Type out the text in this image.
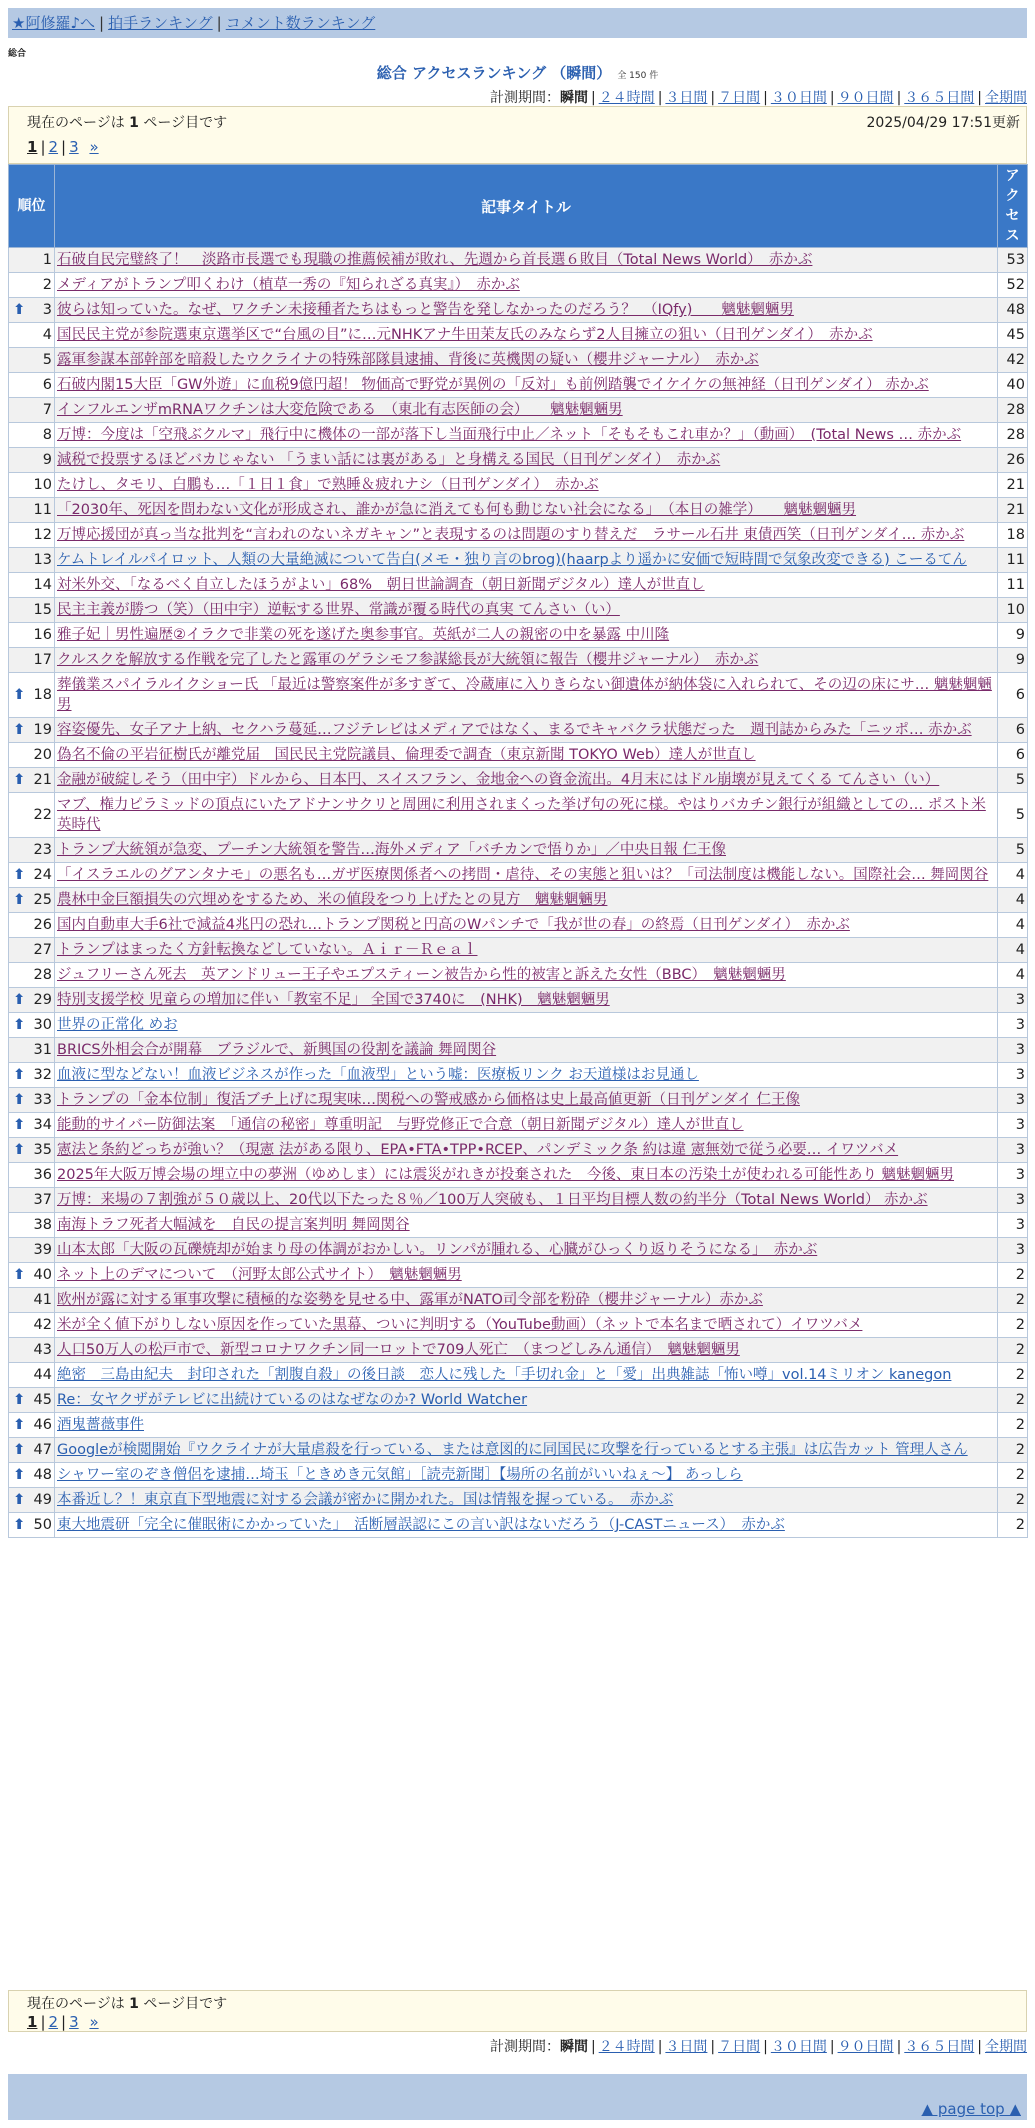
★阿修羅♪へ | 拍手ランキング | コメント数ランキング
総合
総合 アクセスランキング （瞬間） 全 150 件
計測期間：瞬間 | ２４時間 | ３日間 | ７日間 | ３０日間 | ９０日間 | ３６５日間 | 全期間
現在のページは 1 ページ目です	2025/04/29 17:51更新
1 | 2 | 3 »
順位	記事タイトル	アクセス
1	石破自民完璧終了！　淡路市長選でも現職の推薦候補が敗れ、先週から首長選６敗目（Total News World）　赤かぶ	53
2	メディアがトランプ叩くわけ（植草一秀の『知られざる真実』）　赤かぶ	52

⬆ 3	彼らは知っていた。なぜ、ワクチン未接種者たちはもっと警告を発しなかったのだろう？　（IQfy)　　魑魅魍魎男	48
4	国民民主党が参院選東京選挙区で“台風の目”に…元NHKアナ牛田茉友氏のみならず2人目擁立の狙い（日刊ゲンダイ）　赤かぶ	45
5	露軍参謀本部幹部を暗殺したウクライナの特殊部隊員逮捕、背後に英機関の疑い（櫻井ジャーナル）　赤かぶ	42
6	石破内閣15大臣「GW外遊」に血税9億円超！ 物価高で野党が異例の「反対」も前例踏襲でイケイケの無神経（日刊ゲンダイ） 赤かぶ	40
7	インフルエンザmRNAワクチンは大変危険である　（東北有志医師の会）　　魑魅魍魎男	28
8	万博：今度は「空飛ぶクルマ」飛行中に機体の一部が落下し当面飛行中止／ネット「そもそもこれ車か？」（動画）　(Total News … 赤かぶ	28
9	減税で投票するほどバカじゃない 「うまい話には裏がある」と身構える国民（日刊ゲンダイ）　赤かぶ	26
10	たけし、タモリ、白鵬も…「１日１食」で熟睡＆疲れナシ（日刊ゲンダイ）　赤かぶ	21
11	「2030年、死因を問わない文化が形成され、誰かが急に消えても何も動じない社会になる」　（本日の雑学）　　魑魅魍魎男	21
12	万博応援団が真っ当な批判を“言われのないネガキャン”と表現するのは問題のすり替えだ　ラサール石井 東債西笑（日刊ゲンダイ… 赤かぶ	18
13	ケムトレイルパイロット、人類の大量絶滅について告白(メモ・独り言のbrog)(haarpより遥かに安価で短時間で気象改変できる) こーるてん	11
14	対米外交、「なるべく自立したほうがよい」68%　朝日世論調査（朝日新聞デジタル）達人が世直し	11
15	民主主義が勝つ（笑）（田中宇）逆転する世界、常識が覆る時代の真実 てんさい（い）	10
16	雅子妃｜男性遍歴②イラクで非業の死を遂げた奥参事官。英紙が二人の親密の中を暴露 中川隆	9
17	クルスクを解放する作戦を完了したと露軍のゲラシモフ参謀総長が大統領に報告（櫻井ジャーナル）　赤かぶ	9

⬆ 18	葬儀業スパイラルイクショー氏 「最近は警察案件が多すぎて、冷蔵庫に入りきらない御遺体が納体袋に入れられて、その辺の床にサ… 魑魅魍魎男	6

⬆ 19	容姿優先、女子アナ上納、セクハラ蔓延…フジテレビはメディアではなく、まるでキャバクラ状態だった　週刊誌からみた「ニッポ… 赤かぶ	6
20	偽名不倫の平岩征樹氏が離党届　国民民主党院議員、倫理委で調査（東京新聞 TOKYO Web）達人が世直し	6

⬆ 21	金融が破綻しそう（田中宇）ドルから、日本円、スイスフラン、金地金への資金流出。4月末にはドル崩壊が見えてくる てんさい（い）	5
22	マブ、権力ピラミッドの頂点にいたアドナンサクリと周囲に利用されまくった挙げ句の死に様。やはりバカチン銀行が組織としての… ポスト米英時代	5
23	トランプ大統領が急変、プーチン大統領を警告…海外メディア「バチカンで悟りか」／中央日報 仁王像	5

⬆ 24	「イスラエルのグアンタナモ」の悪名も…ガザ医療関係者への拷問・虐待、その実態と狙いは？「司法制度は機能しない。国際社会… 舞岡関谷	4

⬆ 25	農林中金巨額損失の穴埋めをするため、米の値段をつり上げたとの見方　魑魅魍魎男	4
26	国内自動車大手6社で減益4兆円の恐れ…トランプ関税と円高のWパンチで「我が世の春」の終焉（日刊ゲンダイ）　赤かぶ	4
27	トランプはまったく方針転換などしていない。Ａｉｒ－Ｒｅａｌ	4
28	ジュフリーさん死去　英アンドリュー王子やエプスティーン被告から性的被害と訴えた女性（BBC）　魑魅魍魎男	4

⬆ 29	特別支援学校 児童らの増加に伴い「教室不足」 全国で3740に　(NHK)　魑魅魍魎男	3

⬆ 30	世界の正常化 めお	3
31	BRICS外相会合が開幕　ブラジルで、新興国の役割を議論 舞岡関谷	3

⬆ 32	血液に型などない！血液ビジネスが作った「血液型」という嘘：医療板リンク お天道様はお見通し	3

⬆ 33	トランプの「金本位制」復活ブチ上げに現実味…関税への警戒感から価格は史上最高値更新（日刊ゲンダイ 仁王像	3

⬆ 34	能動的サイバー防御法案　「通信の秘密」尊重明記　与野党修正で合意（朝日新聞デジタル）達人が世直し	3

⬆ 35	憲法と条約どっちが強い？（現憲 法がある限り、EPA•FTA•TPP•RCEP、パンデミック条 約は違 憲無効で従う必要… イワツバメ	3
36	2025年大阪万博会場の埋立中の夢洲（ゆめしま）には震災がれきが投棄された　今後、東日本の汚染土が使われる可能性あり 魑魅魍魎男	3
37	万博：来場の７割強が５０歳以上、20代以下たった８％／100万人突破も、１日平均目標人数の約半分（Total News World） 赤かぶ	3
38	南海トラフ死者大幅減を　自民の提言案判明 舞岡関谷	3
39	山本太郎「大阪の瓦礫焼却が始まり母の体調がおかしい。リンパが腫れる、心臓がひっくり返りそうになる」　赤かぶ	3

⬆ 40	ネット上のデマについて　（河野太郎公式サイト）　魑魅魍魎男	2
41	欧州が露に対する軍事攻撃に積極的な姿勢を見せる中、露軍がNATO司令部を粉砕（櫻井ジャーナル）赤かぶ	2
42	米が全く値下がりしない原因を作っていた黒幕、ついに判明する（YouTube動画）（ネットで本名まで晒されて）イワツバメ	2
43	人口50万人の松戸市で、新型コロナワクチン同一ロットで709人死亡　（まつどしみん通信）　魑魅魍魎男	2
44	絶密　三島由紀夫　封印された「割腹自殺」の後日談　恋人に残した「手切れ金」と「愛」出典雑誌「怖い噂」vol.14ミリオン kanegon	2

⬆ 45	Re：女ヤクザがテレビに出続けているのはなぜなのか? World Watcher	2

⬆ 46	酒鬼薔薇事件	2

⬆ 47	Googleが検閲開始『ウクライナが大量虐殺を行っている、または意図的に同国民に攻撃を行っているとする主張』は広告カット 管理人さん	2

⬆ 48	シャワー室のぞき僧侶を逮捕…埼玉「ときめき元気館」［読売新聞］【場所の名前がいいねぇ〜】 あっしら	2

⬆ 49	本番近し？！東京直下型地震に対する会議が密かに開かれた。国は情報を握っている。　赤かぶ	2

⬆ 50	東大地震研「完全に催眠術にかかっていた」　活断層誤認にこの言い訳はないだろう（J-CASTニュース）　赤かぶ	2
現在のページは 1 ページ目です
1 | 2 | 3 »
計測期間：瞬間 | ２４時間 | ３日間 | ７日間 | ３０日間 | ９０日間 | ３６５日間 | 全期間
▲ page top ▲
